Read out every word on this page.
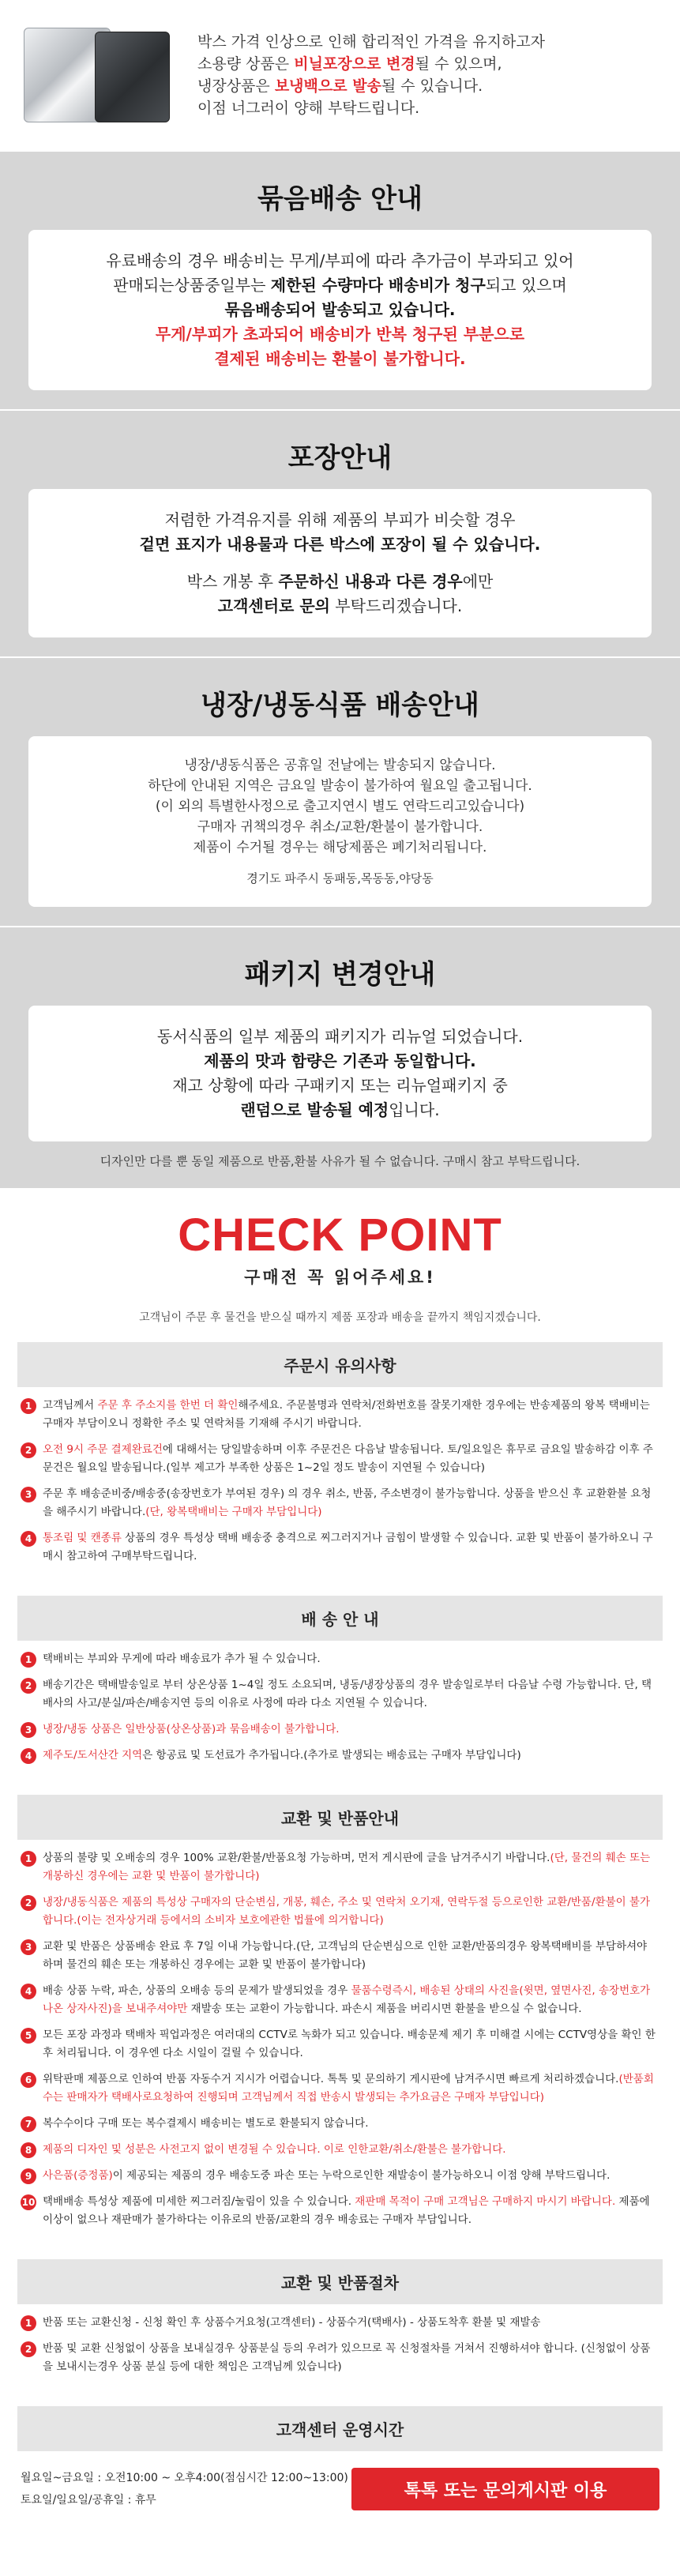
박스 가격 인상으로 인해 합리적인 가격을 유지하고자
소용량 상품은 비닐포장으로 변경될 수 있으며,
냉장상품은 보냉백으로 발송될 수 있습니다.
이점 너그러이 양해 부탁드립니다.
묶음배송 안내
유료배송의 경우 배송비는 무게/부피에 따라 추가금이 부과되고 있어
판매되는상품중일부는 제한된 수량마다 배송비가 청구되고 있으며
묶음배송되어 발송되고 있습니다.
무게/부피가 초과되어 배송비가 반복 청구된 부분으로
결제된 배송비는 환불이 불가합니다.
포장안내
저렴한 가격유지를 위해 제품의 부피가 비슷할 경우
겉면 표지가 내용물과 다른 박스에 포장이 될 수 있습니다.
박스 개봉 후 주문하신 내용과 다른 경우에만
고객센터로 문의 부탁드리겠습니다.
냉장/냉동식품 배송안내
냉장/냉동식품은 공휴일 전날에는 발송되지 않습니다.
하단에 안내된 지역은 금요일 발송이 불가하여 월요일 출고됩니다.
(이 외의 특별한사정으로 출고지연시 별도 연락드리고있습니다)
구매자 귀책의경우 취소/교환/환불이 불가합니다.
제품이 수거될 경우는 해당제품은 폐기처리됩니다.
경기도 파주시 동패동,목동동,야당동
패키지 변경안내
동서식품의 일부 제품의 패키지가 리뉴얼 되었습니다.
제품의 맛과 함량은 기존과 동일합니다.
재고 상황에 따라 구패키지 또는 리뉴얼패키지 중
랜덤으로 발송될 예정입니다.
디자인만 다를 뿐 동일 제품으로 반품,환불 사유가 될 수 없습니다. 구매시 참고 부탁드립니다.
CHECK POINT
구매전 꼭 읽어주세요!
고객님이 주문 후 물건을 받으실 때까지 제품 포장과 배송을 끝까지 책임지겠습니다.
주문시 유의사항
1	고객님께서 주문 후 주소지를 한번 더 확인해주세요. 주문불명과 연락처/전화번호를 잘못기재한 경우에는 반송제품의 왕복 택배비는 구매자 부담이오니 정확한 주소 및 연락처를 기재해 주시기 바랍니다.
2	오전 9시 주문 결제완료건에 대해서는 당일발송하며 이후 주문건은 다음날 발송됩니다. 토/일요일은 휴무로 금요일 발송하감 이후 주문건은 월요일 발송됩니다.(일부 제고가 부족한 상품은 1~2일 정도 발송이 지연될 수 있습니다)
3	주문 후 배송준비중/배송중(송장번호가 부여된 경우) 의 경우 취소, 반품, 주소변경이 불가능합니다. 상품을 받으신 후 교환환불 요청을 해주시기 바랍니다.(단, 왕복택배비는 구매자 부담입니다)
4	통조림 및 캔종류 상품의 경우 특성상 택배 배송중 충격으로 찌그러지거나 금힘이 발생할 수 있습니다. 교환 및 반품이 불가하오니 구매시 참고하여 구매부탁드립니다.
배 송 안 내
1	택배비는 부피와 무게에 따라 배송료가 추가 될 수 있습니다.
2	배송기간은 택배발송일로 부터 상온상품 1~4일 정도 소요되며, 냉동/냉장상품의 경우 발송일로부터 다음날 수령 가능합니다. 단, 택배사의 사고/분실/파손/배송지연 등의 이유로 사정에 따라 다소 지연될 수 있습니다.
3	냉장/냉동 상품은 일반상품(상온상품)과 묶음배송이 불가합니다.
4	제주도/도서산간 지역은 항공료 및 도선료가 추가됩니다.(추가로 발생되는 배송료는 구매자 부담입니다)
교환 및 반품안내
1	상품의 불량 및 오배송의 경우 100% 교환/환불/반품요청 가능하며, 먼저 게시판에 글을 남겨주시기 바랍니다.(단, 물건의 훼손 또는 개봉하신 경우에는 교환 및 반품이 불가합니다)
2	냉장/냉동식품은 제품의 특성상 구매자의 단순변심, 개봉, 훼손, 주소 및 연락처 오기재, 연락두절 등으로인한 교환/반품/환불이 불가합니다.(이는 전자상거래 등에서의 소비자 보호에관한 법률에 의거합니다)
3	교환 및 반품은 상품배송 완료 후 7일 이내 가능합니다.(단, 고객님의 단순변심으로 인한 교환/반품의경우 왕복택배비를 부담하셔야 하며 물건의 훼손 또는 개봉하신 경우에는 교환 및 반품이 불가합니다)
4	배송 상품 누락, 파손, 상품의 오배송 등의 문제가 발생되었을 경우 물품수령즉시, 배송된 상태의 사진을(윗면, 옆면사진, 송장번호가 나온 상자사진)을 보내주셔야만 재발송 또는 교환이 가능합니다. 파손시 제품을 버리시면 환불을 받으실 수 없습니다.
5	모든 포장 과정과 택배차 픽업과정은 여러대의 CCTV로 녹화가 되고 있습니다. 배송문제 제기 후 미해결 시에는 CCTV영상을 확인 한 후 처리됩니다. 이 경우엔 다소 시일이 걸릴 수 있습니다.
6	위탁판매 제품으로 인하여 반품 자동수거 지시가 어렵습니다. 톡톡 및 문의하기 게시판에 남겨주시면 빠르게 처리하겠습니다.(반품회수는 판매자가 택배사로요청하여 진행되며 고객님께서 직접 반송시 발생되는 추가요금은 구매자 부담입니다)
7	복수수이다 구매 또는 복수결제시 배송비는 별도로 환불되지 않습니다.
8	제품의 디자인 및 성분은 사전고지 없이 변경될 수 있습니다. 이로 인한교환/취소/환불은 불가합니다.
9	사은품(증정품)이 제공되는 제품의 경우 배송도중 파손 또는 누락으로인한 재발송이 불가능하오니 이점 양해 부탁드립니다.
10 택배배송 특성상 제품에 미세한 찌그러짐/눌림이 있을 수 있습니다. 재판매 목적이 구매 고객님은 구매하지 마시기 바랍니다. 제품에 이상이 없으나 재판매가 불가하다는 이유로의 반품/교환의 경우 배송료는 구매자 부담입니다.
교환 및 반품절차
1	반품 또는 교환신청 - 신청 확인 후 상품수거요청(고객센터) - 상품수거(택배사) - 상품도착후 환불 및 재발송
2	반품 및 교환 신청없이 상품을 보내실경우 상품분실 등의 우려가 있으므로 꼭 신청절차를 거쳐서 진행하셔야 합니다. (신청없이 상품을 보내시는경우 상품 분실 등에 대한 책임은 고객님께 있습니다)
고객센터 운영시간
월요일~금요일 : 오전10:00 ~ 오후4:00(점심시간 12:00~13:00)
토요일/일요일/공휴일 : 휴무	톡톡 또는 문의게시판 이용
